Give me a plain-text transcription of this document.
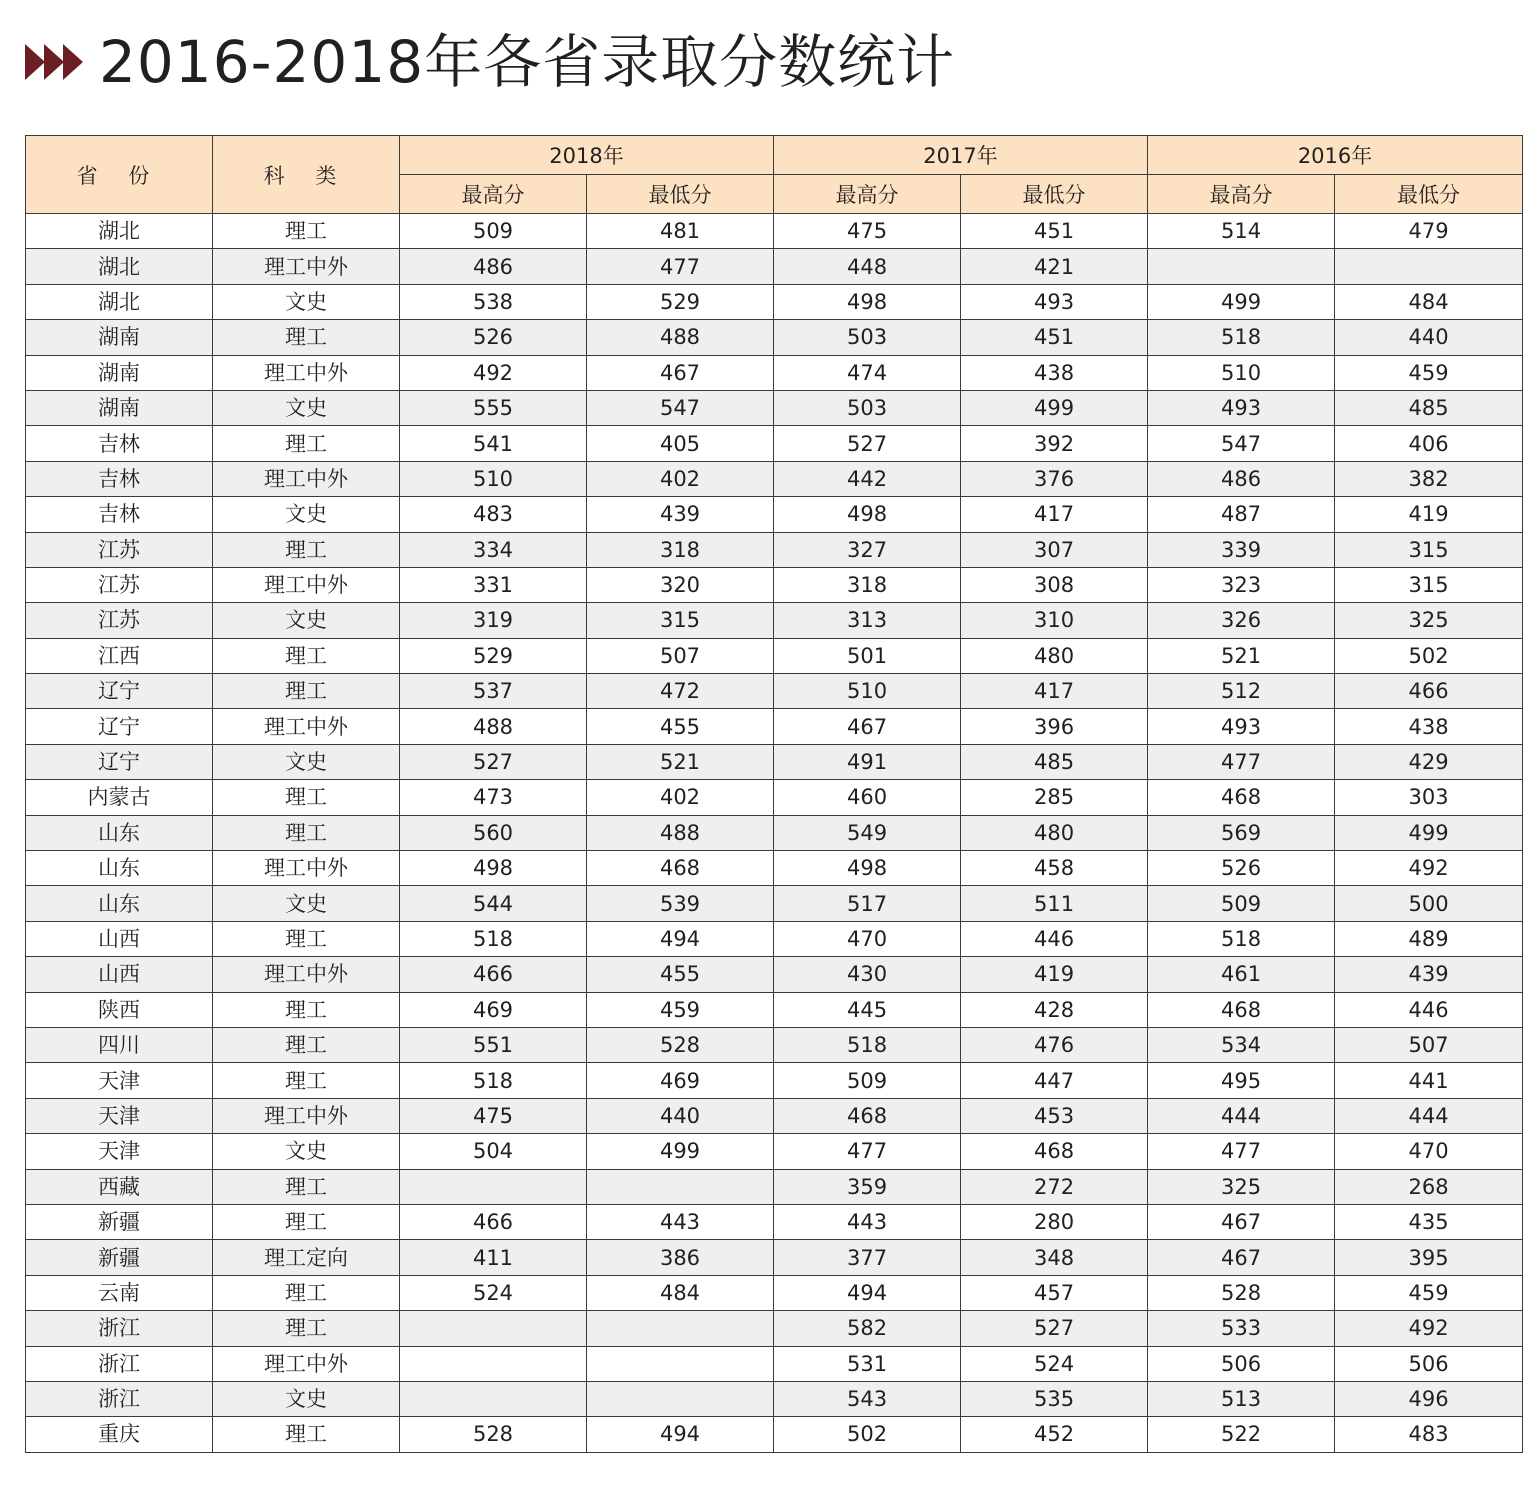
2016-2018年各省录取分数统计
省 份	科 类	2018年		2017年		2016年	
		最高分	最低分	最高分	最低分	最高分	最低分
湖北	理工	509	481	475	451	514	479
湖北	理工中外	486	477	448	421		
湖北	文史	538	529	498	493	499	484
湖南	理工	526	488	503	451	518	440
湖南	理工中外	492	467	474	438	510	459
湖南	文史	555	547	503	499	493	485
吉林	理工	541	405	527	392	547	406
吉林	理工中外	510	402	442	376	486	382
吉林	文史	483	439	498	417	487	419
江苏	理工	334	318	327	307	339	315
江苏	理工中外	331	320	318	308	323	315
江苏	文史	319	315	313	310	326	325
江西	理工	529	507	501	480	521	502
辽宁	理工	537	472	510	417	512	466
辽宁	理工中外	488	455	467	396	493	438
辽宁	文史	527	521	491	485	477	429
内蒙古	理工	473	402	460	285	468	303
山东	理工	560	488	549	480	569	499
山东	理工中外	498	468	498	458	526	492
山东	文史	544	539	517	511	509	500
山西	理工	518	494	470	446	518	489
山西	理工中外	466	455	430	419	461	439
陕西	理工	469	459	445	428	468	446
四川	理工	551	528	518	476	534	507
天津	理工	518	469	509	447	495	441
天津	理工中外	475	440	468	453	444	444
天津	文史	504	499	477	468	477	470
西藏	理工			359	272	325	268
新疆	理工	466	443	443	280	467	435
新疆	理工定向	411	386	377	348	467	395
云南	理工	524	484	494	457	528	459
浙江	理工			582	527	533	492
浙江	理工中外			531	524	506	506
浙江	文史			543	535	513	496
重庆	理工	528	494	502	452	522	483
